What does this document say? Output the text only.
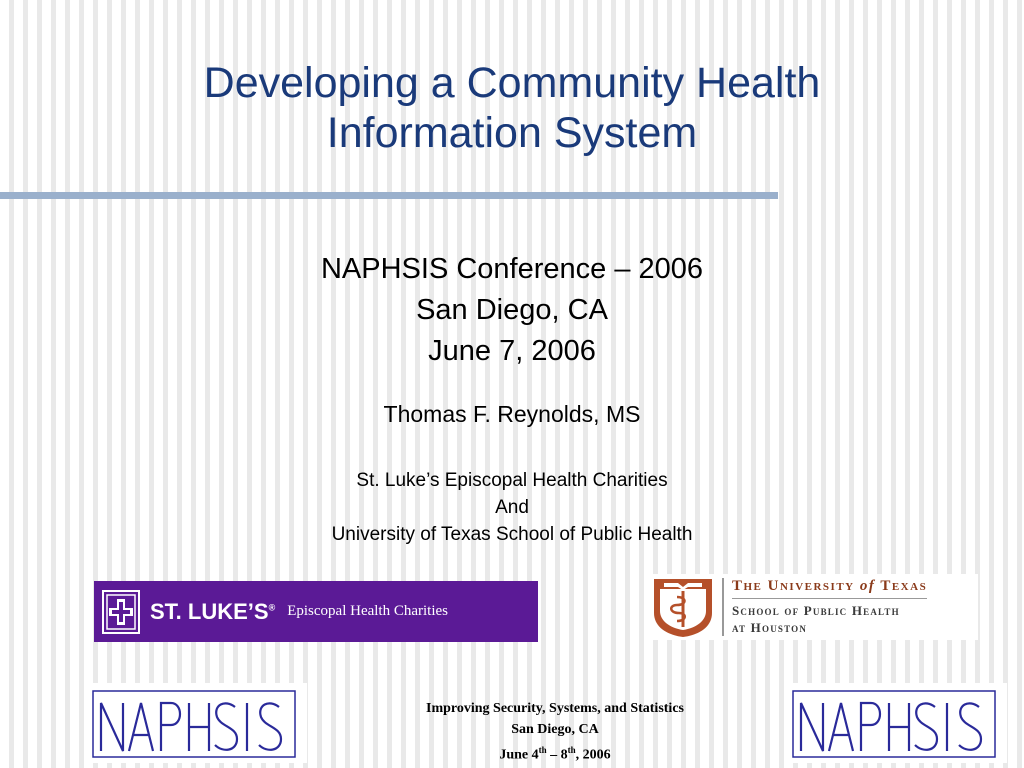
Developing a Community Health
Information System
NAPHSIS Conference – 2006
San Diego, CA
June 7, 2006
Thomas F. Reynolds, MS
St. Luke’s Episcopal Health Charities
And
University of Texas School of Public Health
ST. LUKE’S® Episcopal Health Charities
The University of Texas
School of Public Health
at Houston
Improving Security, Systems, and Statistics
San Diego, CA
June 4th – 8th, 2006
